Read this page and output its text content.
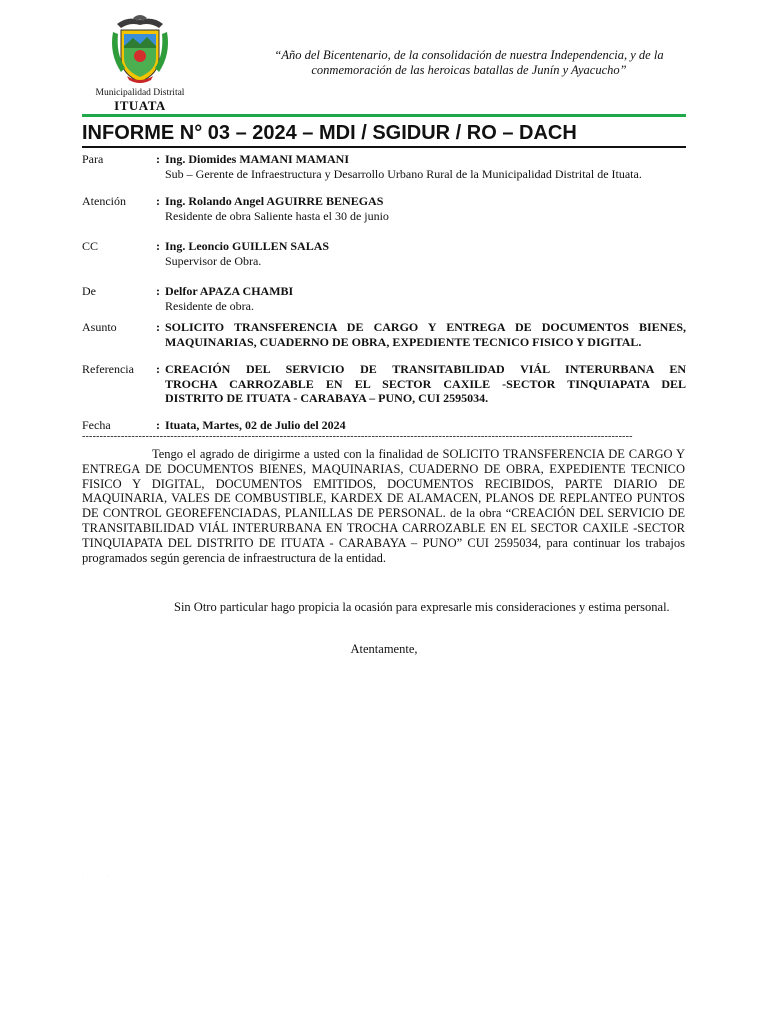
Municipalidad Distrital
ITUATA
“Año del Bicentenario, de la consolidación de nuestra Independencia, y de la
conmemoración de las heroicas batallas de Junín y Ayacucho”
INFORME N° 03 – 2024 – MDI / SGIDUR / RO – DACH
Para	: Ing. Diomides MAMANI MAMANI
Sub – Gerente de Infraestructura y Desarrollo Urbano Rural de la Municipalidad Distrital de Ituata.
Atención	: Ing. Rolando Angel AGUIRRE BENEGAS
Residente de obra Saliente hasta el 30 de junio
CC	: Ing. Leoncio GUILLEN SALAS
Supervisor de Obra.
De	: Delfor APAZA CHAMBI
Residente de obra.
Asunto	: SOLICITO TRANSFERENCIA DE CARGO Y ENTREGA DE DOCUMENTOS BIENES,
MAQUINARIAS, CUADERNO DE OBRA, EXPEDIENTE TECNICO FISICO Y DIGITAL.
Referencia	: CREACIÓN DEL SERVICIO DE TRANSITABILIDAD VIÁL INTERURBANA EN
TROCHA CARROZABLE EN EL SECTOR CAXILE -SECTOR TINQUIAPATA DEL
DISTRITO DE ITUATA - CARABAYA – PUNO, CUI 2595034.
Fecha	: Ituata, Martes, 02 de Julio del 2024
------------------------------------------------------------------------------------------------------------------------------------------------------------
Tengo el agrado de dirigirme a usted con la finalidad de SOLICITO TRANSFERENCIA DE CARGO Y ENTREGA DE DOCUMENTOS BIENES, MAQUINARIAS, CUADERNO DE OBRA, EXPEDIENTE TECNICO FISICO Y DIGITAL, DOCUMENTOS EMITIDOS, DOCUMENTOS RECIBIDOS, PARTE DIARIO DE MAQUINARIA, VALES DE COMBUSTIBLE, KARDEX DE ALAMACEN, PLANOS DE REPLANTEO PUNTOS DE CONTROL GEOREFENCIADAS, PLANILLAS DE PERSONAL. de la obra “CREACIÓN DEL SERVICIO DE TRANSITABILIDAD VIÁL INTERURBANA EN TROCHA CARROZABLE EN EL SECTOR CAXILE -SECTOR TINQUIAPATA DEL DISTRITO DE ITUATA - CARABAYA – PUNO” CUI 2595034, para continuar los trabajos programados según gerencia de infraestructura de la entidad.
Sin Otro particular hago propicia la ocasión para expresarle mis consideraciones y estima personal.
Atentamente,
·	·
